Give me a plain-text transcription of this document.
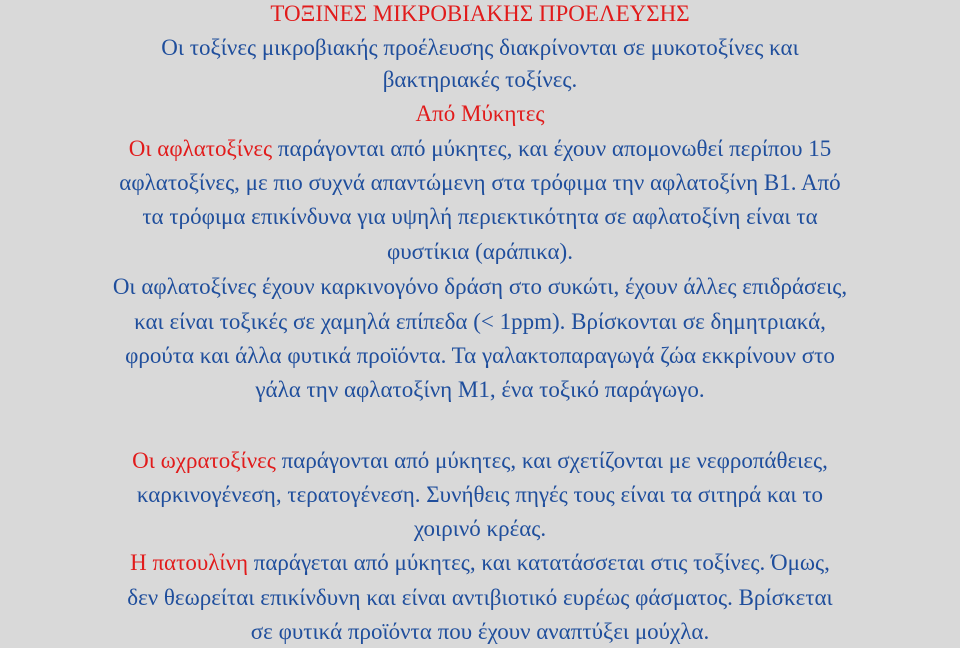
ΤΟΞΙΝΕΣ ΜΙΚΡΟΒΙΑΚΗΣ ΠΡΟΕΛΕΥΣΗΣ
Οι τοξίνες μικροβιακής προέλευσης διακρίνονται σε μυκοτοξίνες και
βακτηριακές τοξίνες.
Από Μύκητες
Οι αφλατοξίνες παράγονται από μύκητες, και έχουν απομονωθεί περίπου 15
αφλατοξίνες, με πιο συχνά απαντώμενη στα τρόφιμα την αφλατοξίνη Β1. Από
τα τρόφιμα επικίνδυνα για υψηλή περιεκτικότητα σε αφλατοξίνη είναι τα
φυστίκια (αράπικα).
Οι αφλατοξίνες έχουν καρκινογόνο δράση στο συκώτι, έχουν άλλες επιδράσεις,
και είναι τοξικές σε χαμηλά επίπεδα (< 1ppm). Βρίσκονται σε δημητριακά,
φρούτα και άλλα φυτικά προϊόντα. Τα γαλακτοπαραγωγά ζώα εκκρίνουν στο
γάλα την αφλατοξίνη Μ1, ένα τοξικό παράγωγο.
Οι ωχρατοξίνες παράγονται από μύκητες, και σχετίζονται με νεφροπάθειες,
καρκινογένεση, τερατογένεση. Συνήθεις πηγές τους είναι τα σιτηρά και το
χοιρινό κρέας.
Η πατουλίνη παράγεται από μύκητες, και κατατάσσεται στις τοξίνες. Όμως,
δεν θεωρείται επικίνδυνη και είναι αντιβιοτικό ευρέως φάσματος. Βρίσκεται
σε φυτικά προϊόντα που έχουν αναπτύξει μούχλα.
